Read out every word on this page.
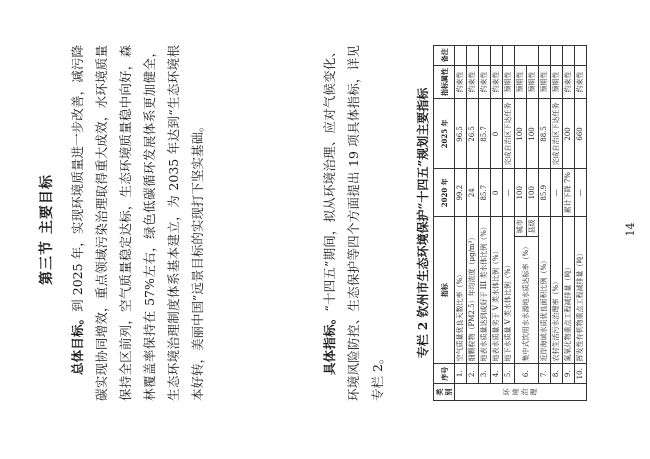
第三节 主要目标
总体目标。到 2025 年，实现环境质量进一步改善，减污降碳实现协同增效，重点领域污染治理取得重大成效，水环境质量保持全区前列，空气质量稳定达标，生态环境质量稳中向好，森林覆盖率保持在 57%左右，绿色低碳循环发展体系更加健全，生态环境治理制度体系基本建立，为 2035 年达到“生态环境根本好转，美丽中国”远景目标的实现打下坚实基础。	具体指标。“十四五”期间，拟从环境治理、应对气候变化、环境风险防控、生态保护等四个方面提出 19 项具体指标，详见专栏 2。
专栏 2 钦州市生态环境保护“十四五”规划主要指标
类别	序号	指标		2020 年	2025 年	指标属性	备注
环境治理	1.	空气质量优良天数比率（%）		99.2	96.5	约束性	
	2.	细颗粒物（PM2.5）年均浓度（μg/m³）		24	26.5	约束性	
	3.	地表水质量达到或好于 III 类水体比例（%）		85.7	85.7	约束性	
	4.	地表水质量劣于 V 类水体比例（%）		0	0	约束性	
	5.	地下水质量 V 类水体比例（%）		—	完成自治区下达任务	预期性	
	6.	集中式饮用水水源地水质达标率（%）	城市	100	100	预期性	
			县级	100	100	预期性	
	7.	近岸海域水质优良面积比例（%）		85.9	88.5	预期性	
	8.	农村生活污水治理率（%）		—	完成自治区下达任务	预期性	
	9.	氮氧化物重点工程减排量（吨）		累计下降 7%	200	约束性	
	10.	挥发性有机物重点工程减排量（吨）		—	660	约束性	
14
